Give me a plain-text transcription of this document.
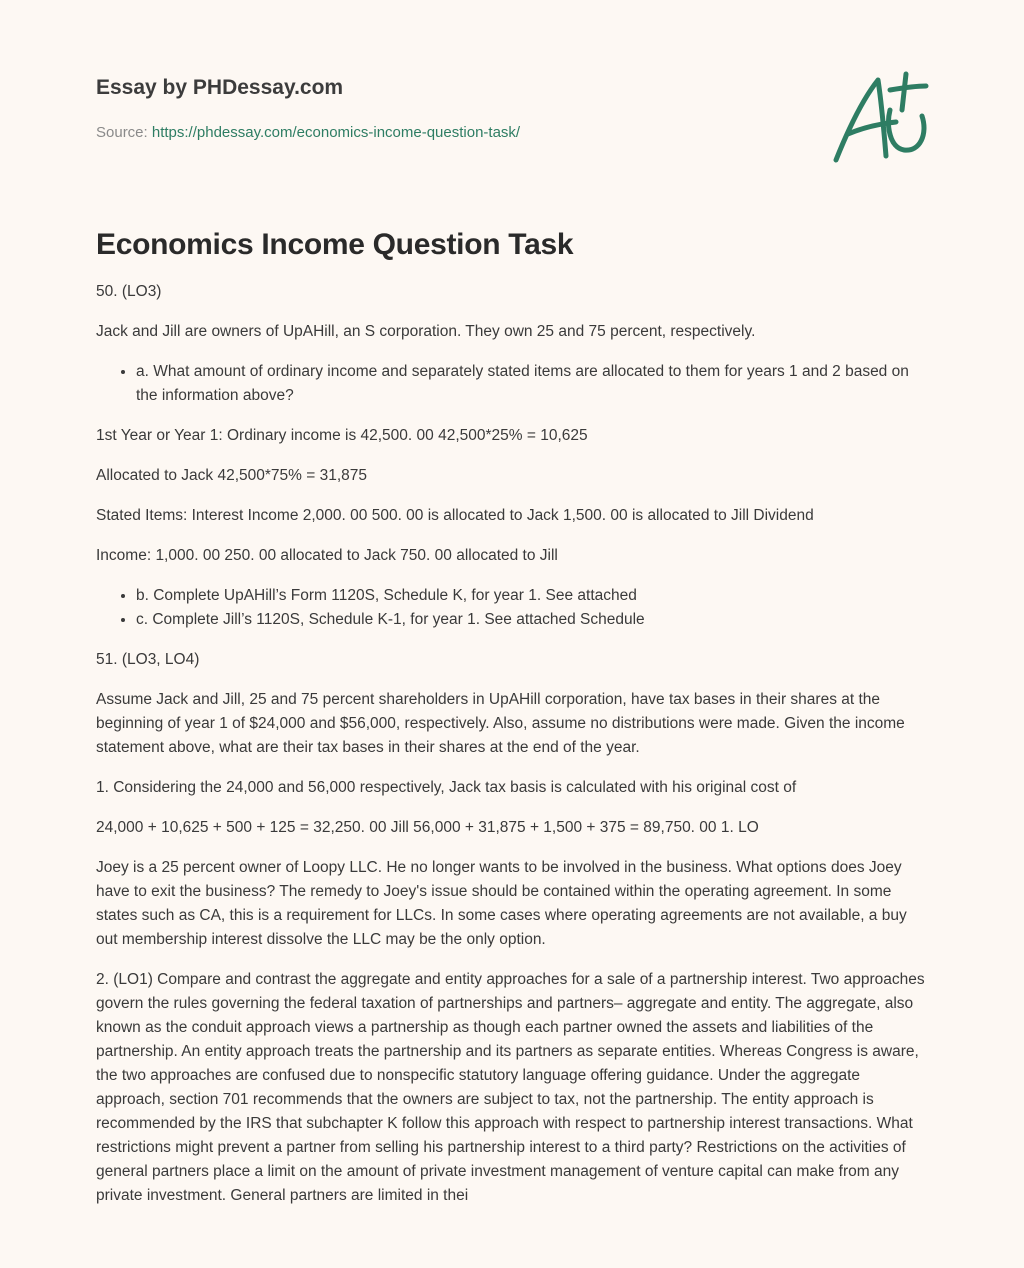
Essay by PHDessay.com

Source: https://phdessay.com/economics-income-question-task/

Economics Income Question Task

50. (LO3)

Jack and Jill are owners of UpAHill, an S corporation. They own 25 and 75 percent, respectively.

• a. What amount of ordinary income and separately stated items are allocated to them for years 1 and 2 based on the information above?

1st Year or Year 1: Ordinary income is 42,500. 00 42,500*25% = 10,625

Allocated to Jack 42,500*75% = 31,875

Stated Items: Interest Income 2,000. 00 500. 00 is allocated to Jack 1,500. 00 is allocated to Jill Dividend

Income: 1,000. 00 250. 00 allocated to Jack 750. 00 allocated to Jill

• b. Complete UpAHill’s Form 1120S, Schedule K, for year 1. See attached
• c. Complete Jill’s 1120S, Schedule K-1, for year 1. See attached Schedule

51. (LO3, LO4)

Assume Jack and Jill, 25 and 75 percent shareholders in UpAHill corporation, have tax bases in their shares at the beginning of year 1 of $24,000 and $56,000, respectively. Also, assume no distributions were made. Given the income statement above, what are their tax bases in their shares at the end of the year.

1. Considering the 24,000 and 56,000 respectively, Jack tax basis is calculated with his original cost of

24,000 + 10,625 + 500 + 125 = 32,250. 00 Jill 56,000 + 31,875 + 1,500 + 375 = 89,750. 00 1. LO

Joey is a 25 percent owner of Loopy LLC. He no longer wants to be involved in the business. What options does Joey have to exit the business? The remedy to Joey's issue should be contained within the operating agreement. In some states such as CA, this is a requirement for LLCs. In some cases where operating agreements are not available, a buy out membership interest dissolve the LLC may be the only option.

2. (LO1) Compare and contrast the aggregate and entity approaches for a sale of a partnership interest. Two approaches govern the rules governing the federal taxation of partnerships and partners– aggregate and entity. The aggregate, also known as the conduit approach views a partnership as though each partner owned the assets and liabilities of the partnership. An entity approach treats the partnership and its partners as separate entities. Whereas Congress is aware, the two approaches are confused due to nonspecific statutory language offering guidance. Under the aggregate approach, section 701 recommends that the owners are subject to tax, not the partnership. The entity approach is recommended by the IRS that subchapter K follow this approach with respect to partnership interest transactions. What restrictions might prevent a partner from selling his partnership interest to a third party? Restrictions on the activities of general partners place a limit on the amount of private investment management of venture capital can make from any private investment. General partners are limited in thei
